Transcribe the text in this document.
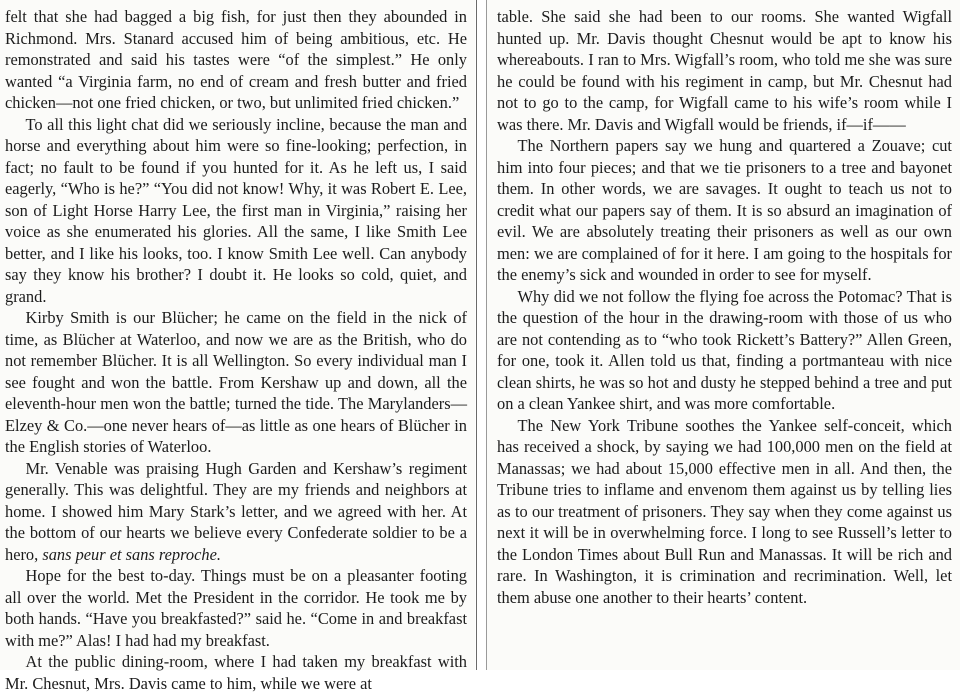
felt that she had bagged a big fish, for just then they abounded in Richmond. Mrs. Stanard accused him of being ambitious, etc. He remonstrated and said his tastes were “of the simplest.” He only wanted “a Virginia farm, no end of cream and fresh butter and fried chicken—not one fried chicken, or two, but unlimited fried chicken.”

To all this light chat did we seriously incline, because the man and horse and everything about him were so fine-looking; perfection, in fact; no fault to be found if you hunted for it. As he left us, I said eagerly, “Who is he?” “You did not know! Why, it was Robert E. Lee, son of Light Horse Harry Lee, the first man in Virginia,” raising her voice as she enumerated his glories. All the same, I like Smith Lee better, and I like his looks, too. I know Smith Lee well. Can anybody say they know his brother? I doubt it. He looks so cold, quiet, and grand.

Kirby Smith is our Blücher; he came on the field in the nick of time, as Blücher at Waterloo, and now we are as the British, who do not remember Blücher. It is all Wellington. So every individual man I see fought and won the battle. From Kershaw up and down, all the eleventh-hour men won the battle; turned the tide. The Marylanders—Elzey & Co.—one never hears of—as little as one hears of Blücher in the English stories of Waterloo.

Mr. Venable was praising Hugh Garden and Kershaw’s regiment generally. This was delightful. They are my friends and neighbors at home. I showed him Mary Stark’s letter, and we agreed with her. At the bottom of our hearts we believe every Confederate soldier to be a hero, sans peur et sans reproche.

Hope for the best to-day. Things must be on a pleasanter footing all over the world. Met the President in the corridor. He took me by both hands. “Have you breakfasted?” said he. “Come in and breakfast with me?” Alas! I had had my breakfast.

At the public dining-room, where I had taken my breakfast with Mr. Chesnut, Mrs. Davis came to him, while we were at

table. She said she had been to our rooms. She wanted Wigfall hunted up. Mr. Davis thought Chesnut would be apt to know his whereabouts. I ran to Mrs. Wigfall’s room, who told me she was sure he could be found with his regiment in camp, but Mr. Chesnut had not to go to the camp, for Wigfall came to his wife’s room while I was there. Mr. Davis and Wigfall would be friends, if—if——

The Northern papers say we hung and quartered a Zouave; cut him into four pieces; and that we tie prisoners to a tree and bayonet them. In other words, we are savages. It ought to teach us not to credit what our papers say of them. It is so absurd an imagination of evil. We are absolutely treating their prisoners as well as our own men: we are complained of for it here. I am going to the hospitals for the enemy’s sick and wounded in order to see for myself.

Why did we not follow the flying foe across the Potomac? That is the question of the hour in the drawing-room with those of us who are not contending as to “who took Rickett’s Battery?” Allen Green, for one, took it. Allen told us that, finding a portmanteau with nice clean shirts, he was so hot and dusty he stepped behind a tree and put on a clean Yankee shirt, and was more comfortable.

The New York Tribune soothes the Yankee self-conceit, which has received a shock, by saying we had 100,000 men on the field at Manassas; we had about 15,000 effective men in all. And then, the Tribune tries to inflame and envenom them against us by telling lies as to our treatment of prisoners. They say when they come against us next it will be in overwhelming force. I long to see Russell’s letter to the London Times about Bull Run and Manassas. It will be rich and rare. In Washington, it is crimination and recrimination. Well, let them abuse one another to their hearts’ content.
